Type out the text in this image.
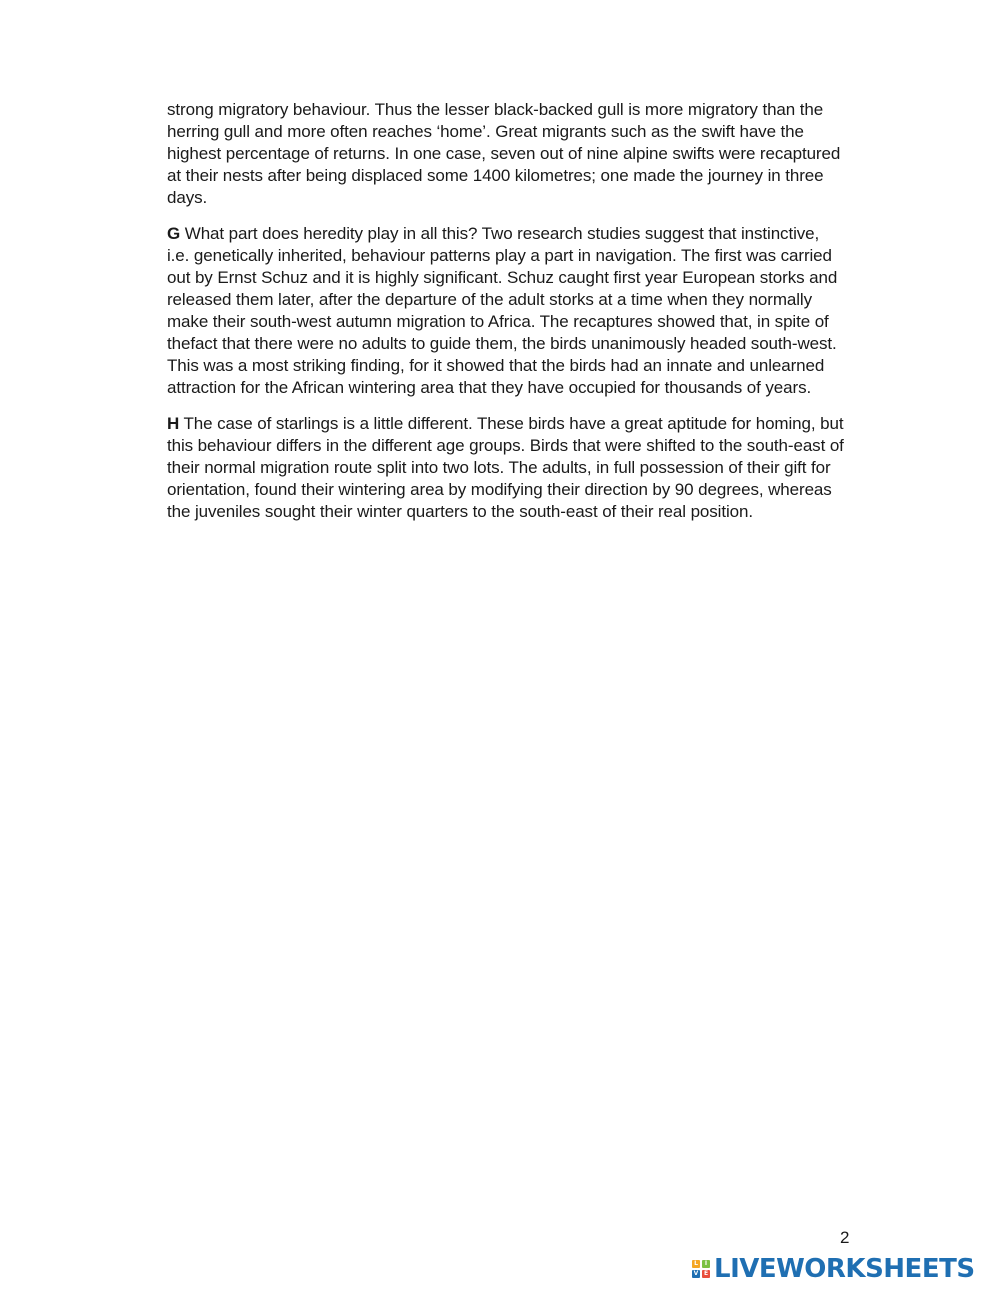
strong migratory behaviour. Thus the lesser black-backed gull is more migratory than the
herring gull and more often reaches ‘home’. Great migrants such as the swift have the
highest percentage of returns. In one case, seven out of nine alpine swifts were recaptured
at their nests after being displaced some 1400 kilometres; one made the journey in three
days.

G What part does heredity play in all this? Two research studies suggest that instinctive,
i.e. genetically inherited, behaviour patterns play a part in navigation. The first was carried
out by Ernst Schuz and it is highly significant. Schuz caught first year European storks and
released them later, after the departure of the adult storks at a time when they normally
make their south-west autumn migration to Africa. The recaptures showed that, in spite of
thefact that there were no adults to guide them, the birds unanimously headed south-west.
This was a most striking finding, for it showed that the birds had an innate and unlearned
attraction for the African wintering area that they have occupied for thousands of years.

H The case of starlings is a little different. These birds have a great aptitude for homing, but
this behaviour differs in the different age groups. Birds that were shifted to the south-east of
their normal migration route split into two lots. The adults, in full possession of their gift for
orientation, found their wintering area by modifying their direction by 90 degrees, whereas
the juveniles sought their winter quarters to the south-east of their real position.

2
L	I
V E LIVEWORKSHEETS
